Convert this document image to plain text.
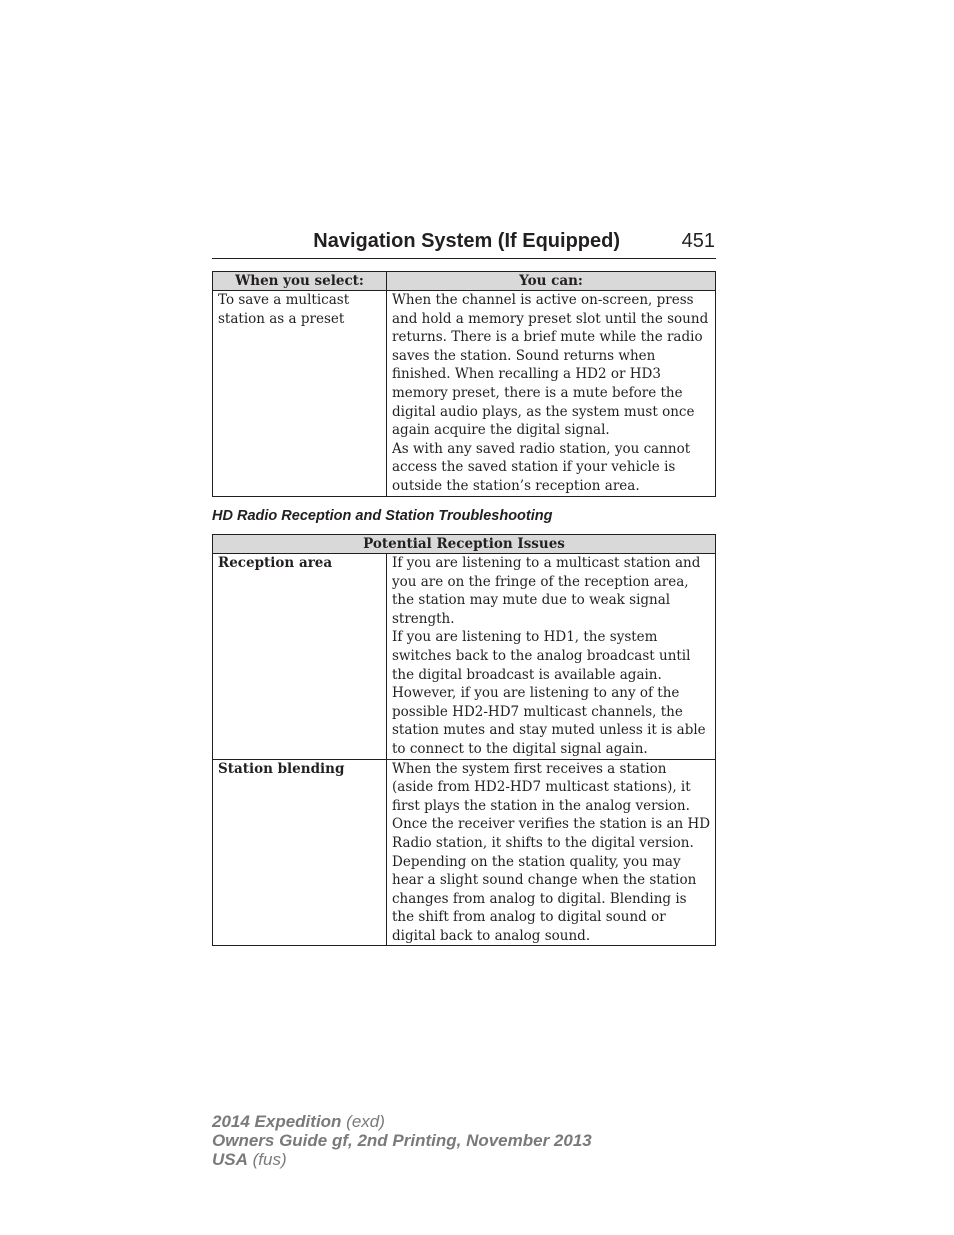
Navigation System (If Equipped)	451
When you select:	You can:
To save a multicast station as a preset	When the channel is active on-screen, press and hold a memory preset slot until the sound returns. There is a brief mute while the radio saves the station. Sound returns when finished. When recalling a HD2 or HD3 memory preset, there is a mute before the digital audio plays, as the system must once again acquire the digital signal.
As with any saved radio station, you cannot access the saved station if your vehicle is outside the station’s reception area.
HD Radio Reception and Station Troubleshooting
Potential Reception Issues	
Reception area	If you are listening to a multicast station and you are on the fringe of the reception area, the station may mute due to weak signal strength.
If you are listening to HD1, the system switches back to the analog broadcast until the digital broadcast is available again. However, if you are listening to any of the possible HD2-HD7 multicast channels, the station mutes and stay muted unless it is able to connect to the digital signal again.

Station blending	When the system first receives a station (aside from HD2-HD7 multicast stations), it first plays the station in the analog version. Once the receiver verifies the station is an HD Radio station, it shifts to the digital version. Depending on the station quality, you may hear a slight sound change when the station changes from analog to digital. Blending is the shift from analog to digital sound or digital back to analog sound.
2014 Expedition (exd)
Owners Guide gf, 2nd Printing, November 2013
USA (fus)
